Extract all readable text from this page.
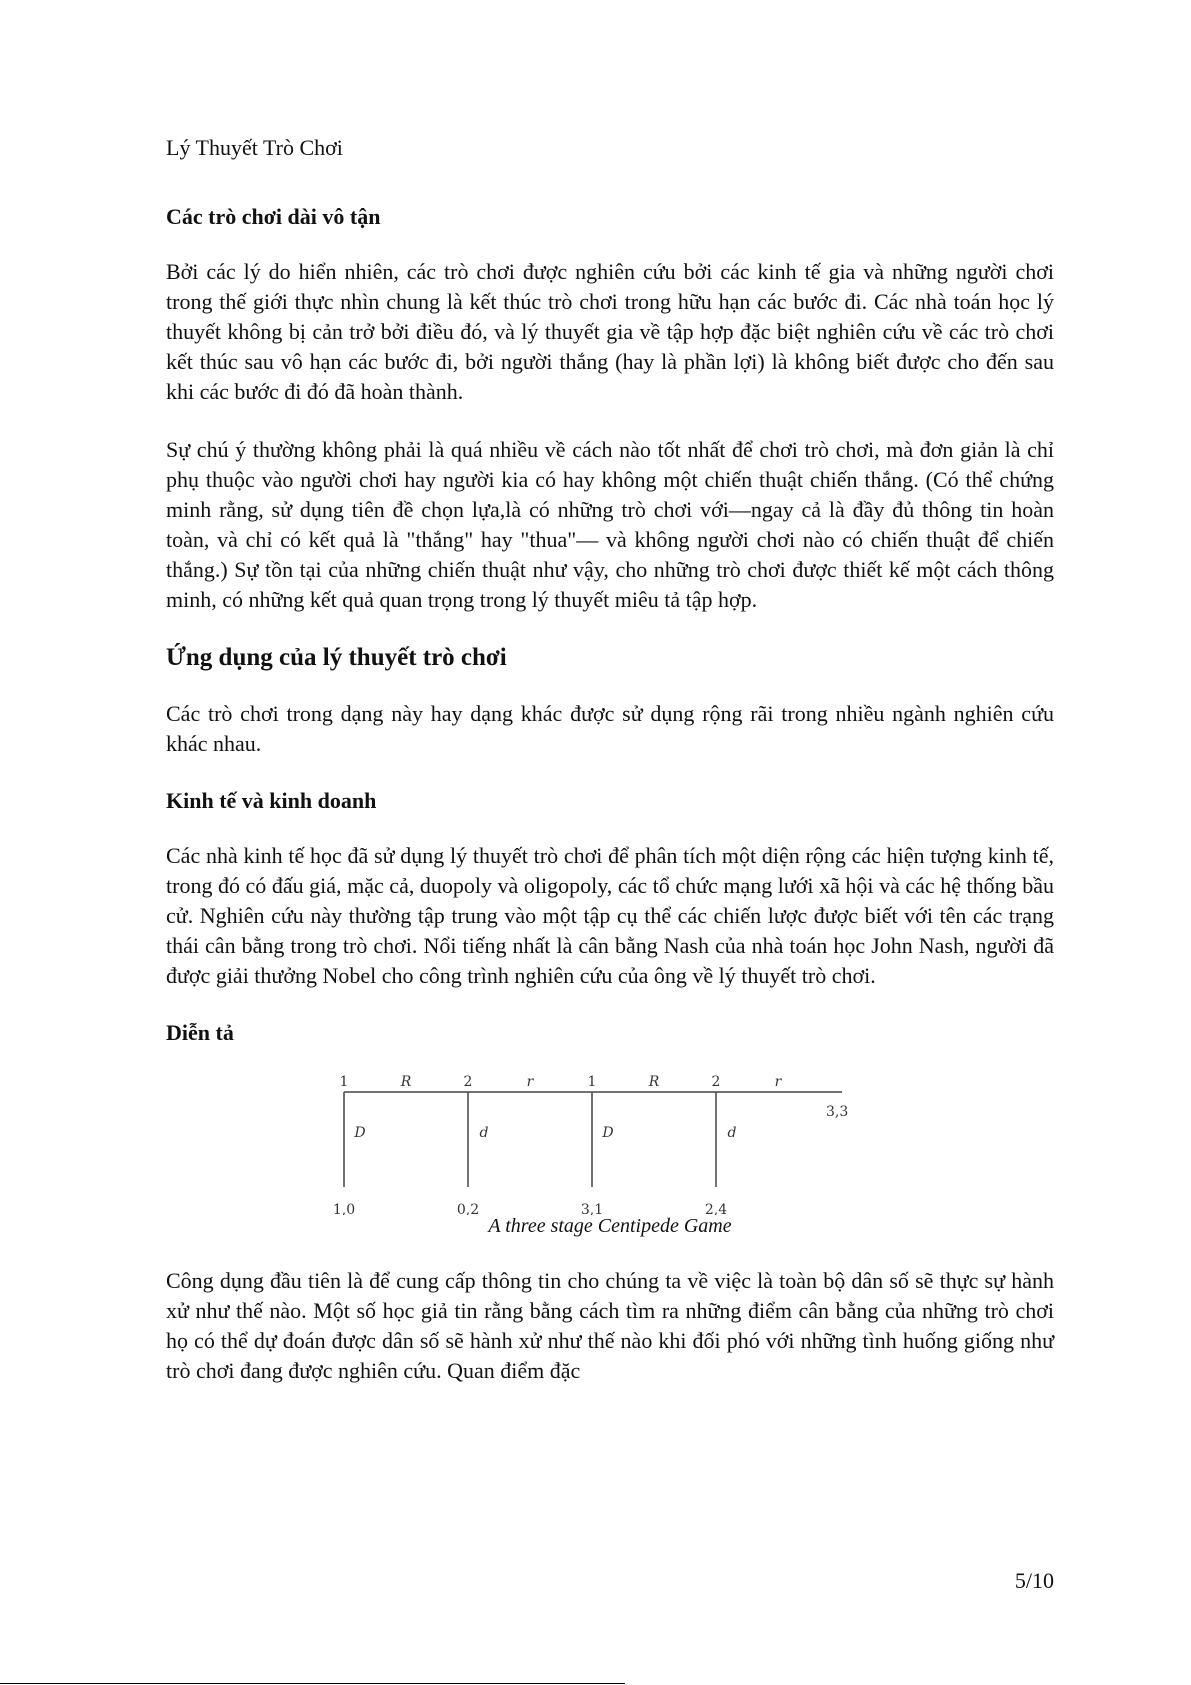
Lý Thuyết Trò Chơi
Các trò chơi dài vô tận

Bởi các lý do hiển nhiên, các trò chơi được nghiên cứu bởi các kinh tế gia và những người chơi trong thế giới thực nhìn chung là kết thúc trò chơi trong hữu hạn các bước đi. Các nhà toán học lý thuyết không bị cản trở bởi điều đó, và lý thuyết gia về tập hợp đặc biệt nghiên cứu về các trò chơi kết thúc sau vô hạn các bước đi, bởi người thắng (hay là phần lợi) là không biết được cho đến sau khi các bước đi đó đã hoàn thành.

Sự chú ý thường không phải là quá nhiều về cách nào tốt nhất để chơi trò chơi, mà đơn giản là chỉ phụ thuộc vào người chơi hay người kia có hay không một chiến thuật chiến thắng. (Có thể chứng minh rằng, sử dụng tiên đề chọn lựa,là có những trò chơi với—ngay cả là đầy đủ thông tin hoàn toàn, và chỉ có kết quả là "thắng" hay "thua"— và không người chơi nào có chiến thuật để chiến thắng.) Sự tồn tại của những chiến thuật như vậy, cho những trò chơi được thiết kế một cách thông minh, có những kết quả quan trọng trong lý thuyết miêu tả tập hợp.

Ứng dụng của lý thuyết trò chơi

Các trò chơi trong dạng này hay dạng khác được sử dụng rộng rãi trong nhiều ngành nghiên cứu khác nhau.

Kinh tế và kinh doanh

Các nhà kinh tế học đã sử dụng lý thuyết trò chơi để phân tích một diện rộng các hiện tượng kinh tế, trong đó có đấu giá, mặc cả, duopoly và oligopoly, các tổ chức mạng lưới xã hội và các hệ thống bầu cử. Nghiên cứu này thường tập trung vào một tập cụ thể các chiến lược được biết với tên các trạng thái cân bằng trong trò chơi. Nổi tiếng nhất là cân bằng Nash của nhà toán học John Nash, người đã được giải thưởng Nobel cho công trình nghiên cứu của ông về lý thuyết trò chơi.

Diễn tả
1	R
D
1,0
2	r
d
0,2
1	R
D
3,1
2	r
d
2,4
3,3
A three stage Centipede Game

Công dụng đầu tiên là để cung cấp thông tin cho chúng ta về việc là toàn bộ dân số sẽ thực sự hành xử như thế nào. Một số học giả tin rằng bằng cách tìm ra những điểm cân bằng của những trò chơi họ có thể dự đoán được dân số sẽ hành xử như thế nào khi đối phó với những tình huống giống như trò chơi đang được nghiên cứu. Quan điểm đặc

5/10
